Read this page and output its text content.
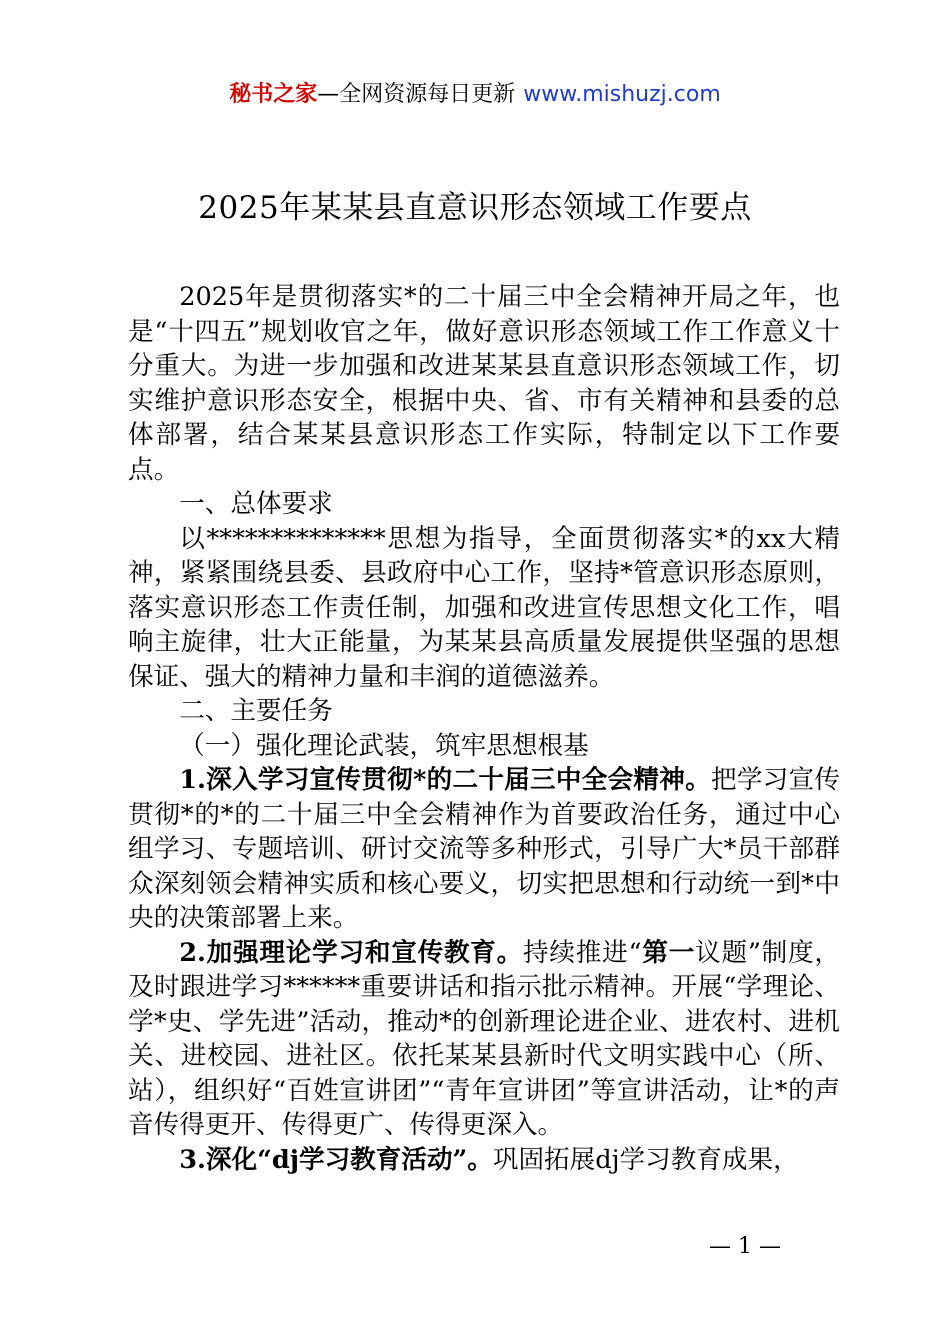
秘书之家—全网资源每日更新 www.mishuzj.com
2025年某某县直意识形态领域工作要点

2025年是贯彻落实*的二十届三中全会精神开局之年，也是“十四五”规划收官之年，做好意识形态领域工作工作意义十分重大。为进一步加强和改进某某县直意识形态领域工作，切实维护意识形态安全，根据中央、省、市有关精神和县委的总体部署，结合某某县意识形态工作实际，特制定以下工作要点。

一、总体要求

以**************思想为指导，全面贯彻落实*的xx大精神，紧紧围绕县委、县政府中心工作，坚持*管意识形态原则，落实意识形态工作责任制，加强和改进宣传思想文化工作，唱响主旋律，壮大正能量，为某某县高质量发展提供坚强的思想保证、强大的精神力量和丰润的道德滋养。

二、主要任务

（一）强化理论武装，筑牢思想根基

1.深入学习宣传贯彻*的二十届三中全会精神。把学习宣传贯彻*的*的二十届三中全会精神作为首要政治任务，通过中心组学习、专题培训、研讨交流等多种形式，引导广大*员干部群众深刻领会精神实质和核心要义，切实把思想和行动统一到*中央的决策部署上来。

2.加强理论学习和宣传教育。持续推进“第一议题”制度，及时跟进学习******重要讲话和指示批示精神。开展“学理论、学*史、学先进”活动，推动*的创新理论进企业、进农村、进机关、进校园、进社区。依托某某县新时代文明实践中心（所、站），组织好“百姓宣讲团”“青年宣讲团”等宣讲活动，让*的声音传得更开、传得更广、传得更深入。

3.深化“dj学习教育活动”。巩固拓展dj学习教育成果，

— 1 —
